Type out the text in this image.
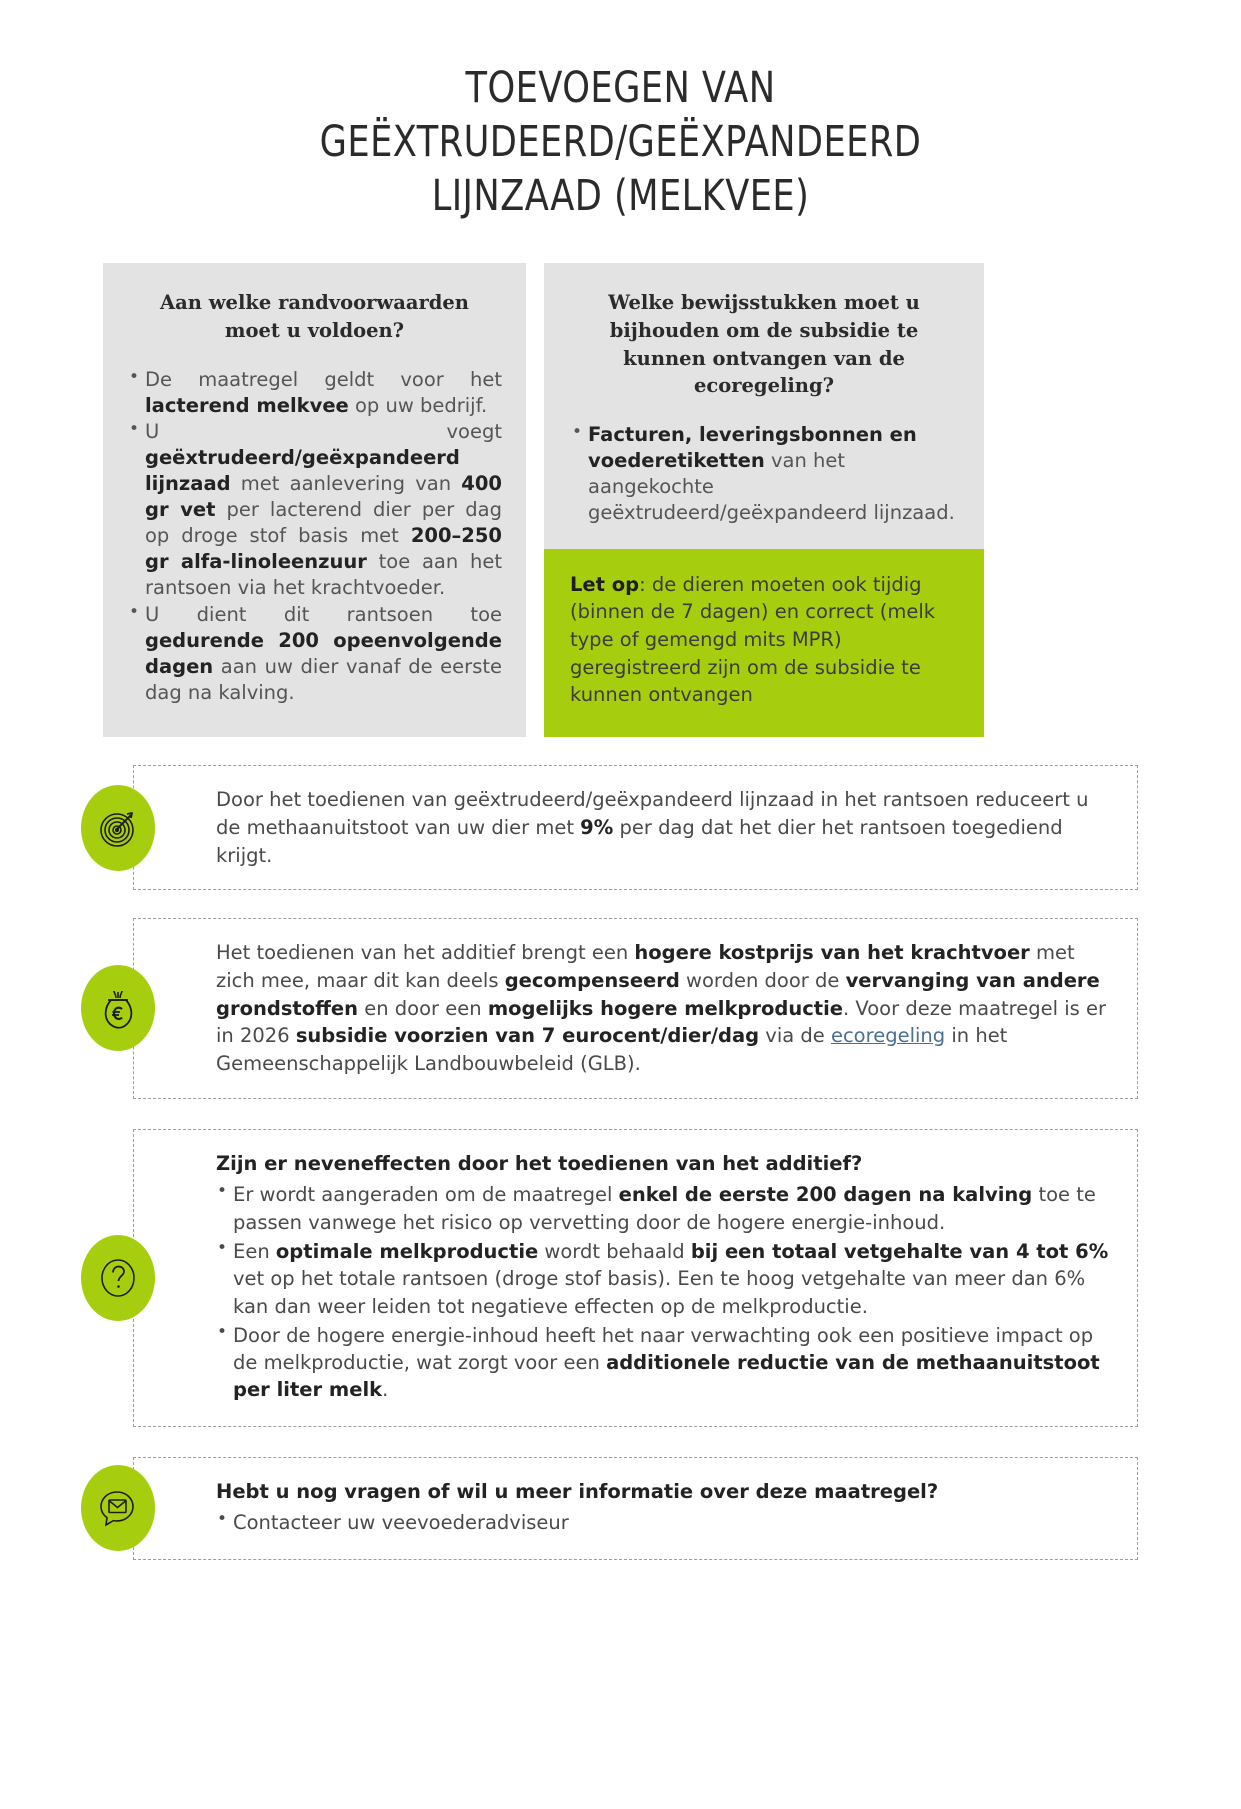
TOEVOEGEN VAN GEËXTRUDEERD/GEËXPANDEERD LIJNZAAD (MELKVEE)
Aan welke randvoorwaarden moet u voldoen?
• De maatregel geldt voor het lacterend melkvee op uw bedrijf.
• U voegt geëxtrudeerd/geëxpandeerd lijnzaad met aanlevering van 400 gr vet per lacterend dier per dag op droge stof basis met 200–250 gr alfa-linoleenzuur toe aan het rantsoen via het krachtvoeder.
• U dient dit rantsoen toe gedurende 200 opeenvolgende dagen aan uw dier vanaf de eerste dag na kalving.
Welke bewijsstukken moet u bijhouden om de subsidie te kunnen ontvangen van de ecoregeling?
• Facturen, leveringsbonnen en voederetiketten van het aangekochte geëxtrudeerd/geëxpandeerd lijnzaad.
Let op: de dieren moeten ook tijdig (binnen de 7 dagen) en correct (melk type of gemengd mits MPR) geregistreerd zijn om de subsidie te kunnen ontvangen

Door het toedienen van geëxtrudeerd/geëxpandeerd lijnzaad in het rantsoen reduceert u de methaanuitstoot van uw dier met 9% per dag dat het dier het rantsoen toegediend krijgt.

Het toedienen van het additief brengt een hogere kostprijs van het krachtvoer met zich mee, maar dit kan deels gecompenseerd worden door de vervanging van andere grondstoffen en door een mogelijks hogere melkproductie. Voor deze maatregel is er in 2026 subsidie voorzien van 7 eurocent/dier/dag via de ecoregeling in het Gemeenschappelijk Landbouwbeleid (GLB).

Zijn er neveneffecten door het toedienen van het additief?
• Er wordt aangeraden om de maatregel enkel de eerste 200 dagen na kalving toe te passen vanwege het risico op vervetting door de hogere energie-inhoud.
• Een optimale melkproductie wordt behaald bij een totaal vetgehalte van 4 tot 6% vet op het totale rantsoen (droge stof basis). Een te hoog vetgehalte van meer dan 6% kan dan weer leiden tot negatieve effecten op de melkproductie.
• Door de hogere energie-inhoud heeft het naar verwachting ook een positieve impact op de melkproductie, wat zorgt voor een additionele reductie van de methaanuitstoot per liter melk.
Hebt u nog vragen of wil u meer informatie over deze maatregel?
• Contacteer uw veevoederadviseur
